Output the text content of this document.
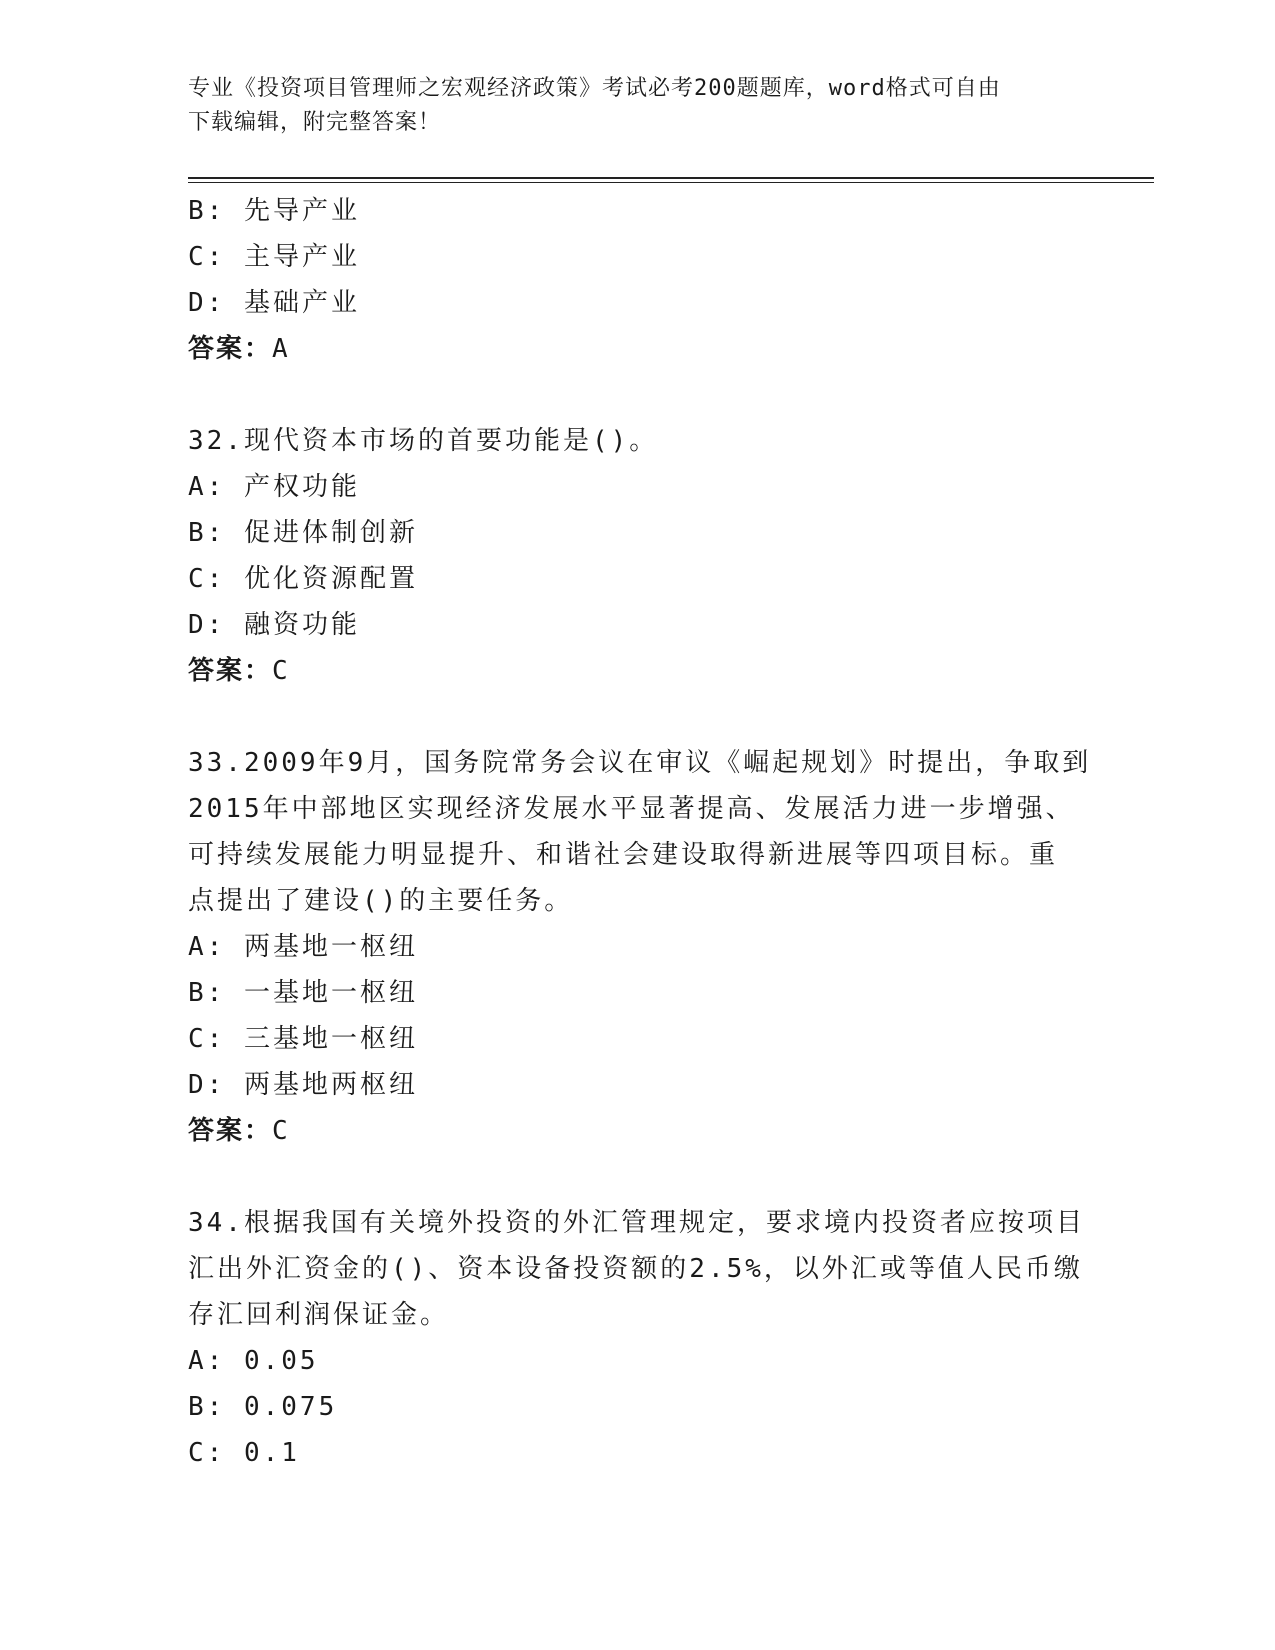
专业《投资项目管理师之宏观经济政策》考试必考200题题库，word格式可自由
下载编辑，附完整答案！
B: 先导产业
C: 主导产业
D: 基础产业
答案：A
32.现代资本市场的首要功能是()。
A: 产权功能
B: 促进体制创新
C: 优化资源配置
D: 融资功能
答案：C
33.2009年9月，国务院常务会议在审议《崛起规划》时提出，争取到
2015年中部地区实现经济发展水平显著提高、发展活力进一步增强、
可持续发展能力明显提升、和谐社会建设取得新进展等四项目标。重
点提出了建设()的主要任务。
A: 两基地一枢纽
B: 一基地一枢纽
C: 三基地一枢纽
D: 两基地两枢纽
答案：C
34.根据我国有关境外投资的外汇管理规定，要求境内投资者应按项目
汇出外汇资金的()、资本设备投资额的2.5%，以外汇或等值人民币缴
存汇回利润保证金。
A: 0.05
B: 0.075
C: 0.1
